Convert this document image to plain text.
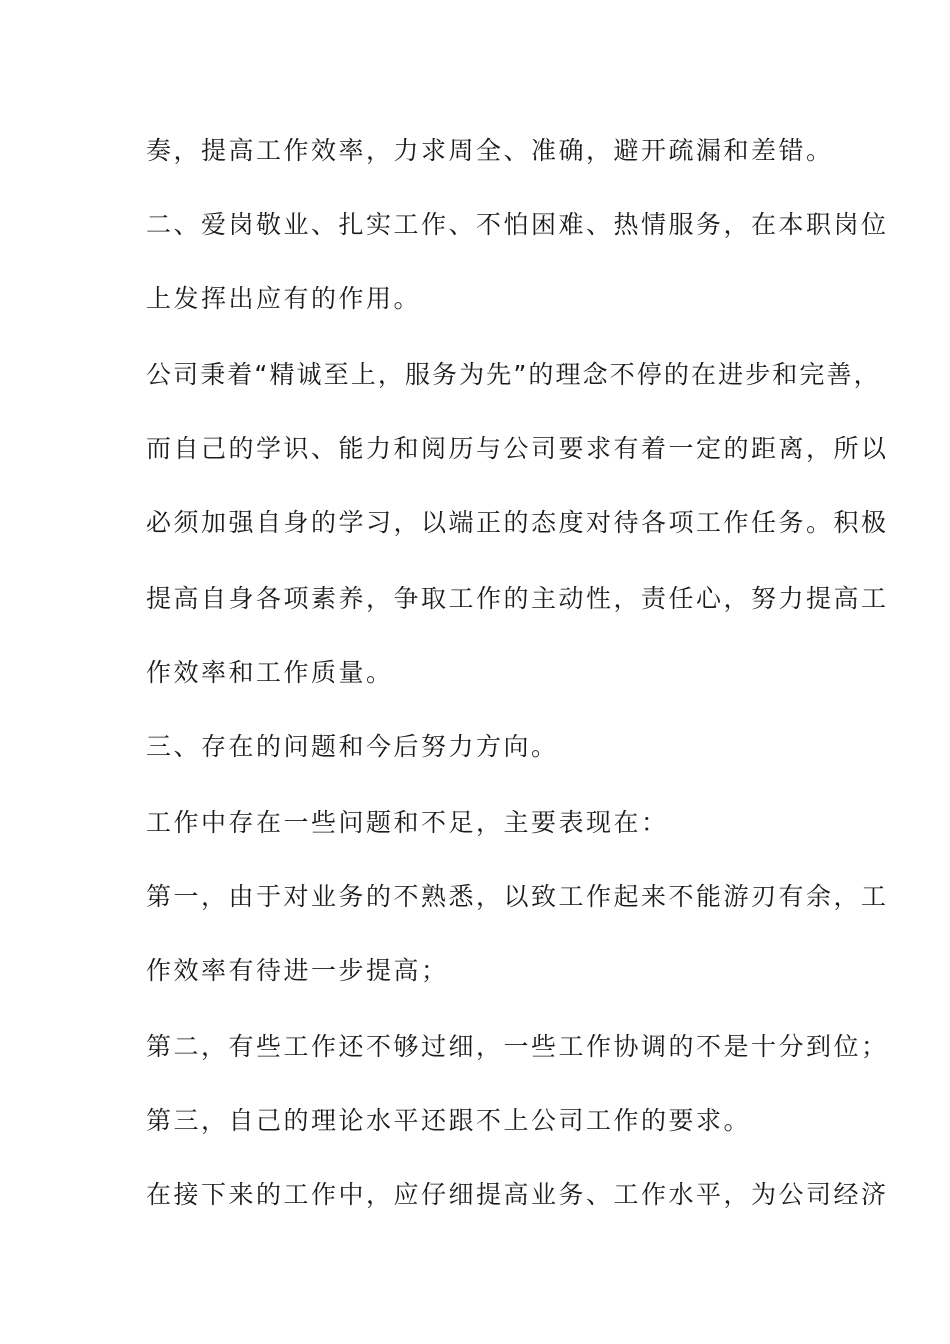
奏，提高工作效率，力求周全、准确，避开疏漏和差错。
二、爱岗敬业、扎实工作、不怕困难、热情服务，在本职岗位
上发挥出应有的作用。
公司秉着“精诚至上，服务为先”的理念不停的在进步和完善，
而自己的学识、能力和阅历与公司要求有着一定的距离，所以
必须加强自身的学习，以端正的态度对待各项工作任务。积极
提高自身各项素养，争取工作的主动性，责任心，努力提高工
作效率和工作质量。
三、存在的问题和今后努力方向。
工作中存在一些问题和不足，主要表现在：
第一，由于对业务的不熟悉，以致工作起来不能游刃有余，工
作效率有待进一步提高；
第二，有些工作还不够过细，一些工作协调的不是十分到位；
第三，自己的理论水平还跟不上公司工作的要求。
在接下来的工作中，应仔细提高业务、工作水平，为公司经济
